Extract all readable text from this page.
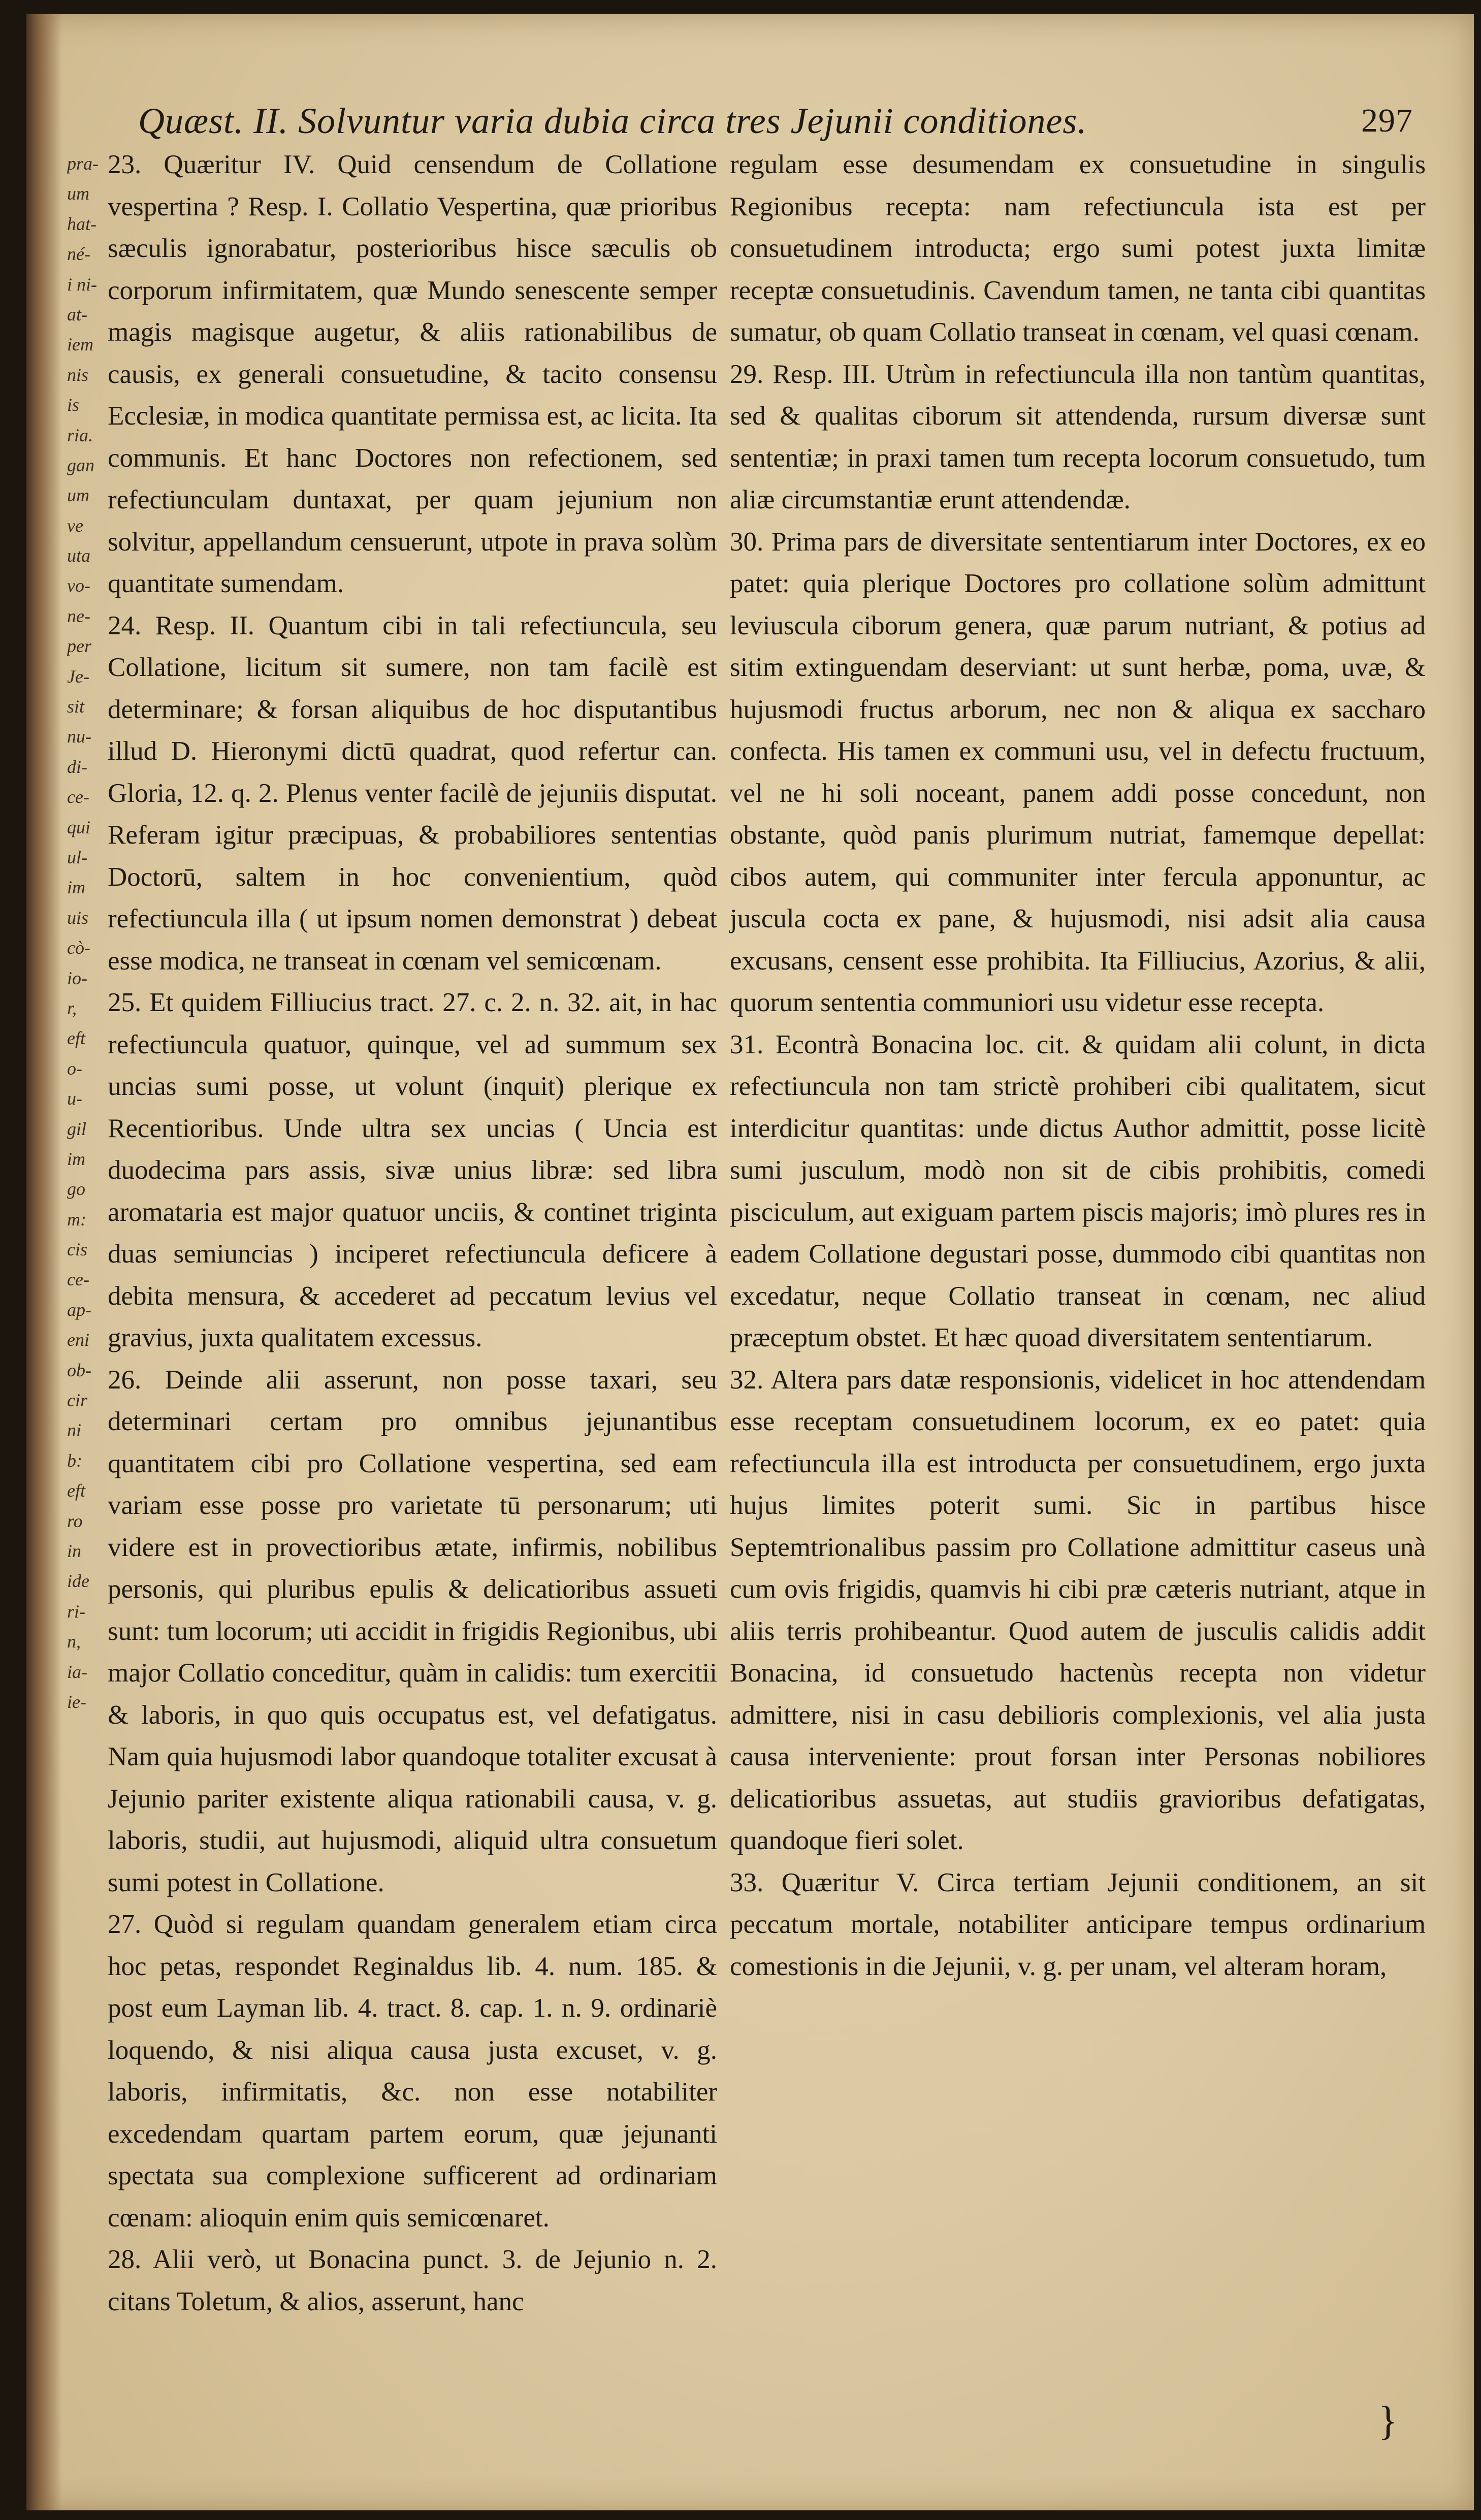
pra-
um
hat-
né-
i ni-
at-
iem
nis
is
ria.
gan
um
ve
uta
vo-
ne-
per
Je-
sit
nu-
di-
ce-
qui
ul-
im
uis
cò-
io-
r,
eft
o-
u-
gil
im
go
m:
cis
ce-
ap-
eni
ob-
cir
ni
b:
eft
ro
in
ide
ri-
n,
ia-
ie-
Quæst. II. Solvuntur varia dubia circa tres Jejunii conditiones.	297

23. Quæritur IV. Quid censendum de Collatione vespertina ? Resp. I. Collatio Vespertina, quæ prioribus sæculis ignorabatur, posterioribus hisce sæculis ob corporum infirmitatem, quæ Mundo senescente semper magis magisque augetur, & aliis rationabilibus de causis, ex generali consuetudine, & tacito consensu Ecclesiæ, in modica quantitate permissa est, ac licita. Ita communis. Et hanc Doctores non refectionem, sed refectiunculam duntaxat, per quam jejunium non solvitur, appellandum censuerunt, utpote in prava solùm quantitate sumendam.

24. Resp. II. Quantum cibi in tali refectiuncula, seu Collatione, licitum sit sumere, non tam facilè est determinare; & forsan aliquibus de hoc disputantibus illud D. Hieronymi dictū quadrat, quod refertur can. Gloria, 12. q. 2. Plenus venter facilè de jejuniis disputat. Referam igitur præcipuas, & probabiliores sententias Doctorū, saltem in hoc convenientium, quòd refectiuncula illa ( ut ipsum nomen demonstrat ) debeat esse modica, ne transeat in cœnam vel semicœnam.

25. Et quidem Filliucius tract. 27. c. 2. n. 32. ait, in hac refectiuncula quatuor, quinque, vel ad summum sex uncias sumi posse, ut volunt (inquit) plerique ex Recentioribus. Unde ultra sex uncias ( Uncia est duodecima pars assis, sivæ unius libræ: sed libra aromataria est major quatuor unciis, & continet triginta duas semiuncias ) inciperet refectiuncula deficere à debita mensura, & accederet ad peccatum levius vel gravius, juxta qualitatem excessus.

26. Deinde alii asserunt, non posse taxari, seu determinari certam pro omnibus jejunantibus quantitatem cibi pro Collatione vespertina, sed eam variam esse posse pro varietate tū personarum; uti videre est in provectioribus ætate, infirmis, nobilibus personis, qui pluribus epulis & delicatioribus assueti sunt: tum locorum; uti accidit in frigidis Regionibus, ubi major Collatio conceditur, quàm in calidis: tum exercitii & laboris, in quo quis occupatus est, vel defatigatus. Nam quia hujusmodi labor quandoque totaliter excusat à Jejunio pariter existente aliqua rationabili causa, v. g. laboris, studii, aut hujusmodi, aliquid ultra consuetum sumi potest in Collatione.

27. Quòd si regulam quandam generalem etiam circa hoc petas, respondet Reginaldus lib. 4. num. 185. & post eum Layman lib. 4. tract. 8. cap. 1. n. 9. ordinariè loquendo, & nisi aliqua causa justa excuset, v. g. laboris, infirmitatis, &c. non esse notabiliter excedendam quartam partem eorum, quæ jejunanti spectata sua complexione sufficerent ad ordinariam cœnam: alioquin enim quis semicœnaret.

28. Alii verò, ut Bonacina punct. 3. de Jejunio n. 2. citans Toletum, & alios, asserunt, hanc

regulam esse desumendam ex consuetudine in singulis Regionibus recepta: nam refectiuncula ista est per consuetudinem introducta; ergo sumi potest juxta limitæ receptæ consuetudinis. Cavendum tamen, ne tanta cibi quantitas sumatur, ob quam Collatio transeat in cœnam, vel quasi cœnam.

29. Resp. III. Utrùm in refectiuncula illa non tantùm quantitas, sed & qualitas ciborum sit attendenda, rursum diversæ sunt sententiæ; in praxi tamen tum recepta locorum consuetudo, tum aliæ circumstantiæ erunt attendendæ.

30. Prima pars de diversitate sententiarum inter Doctores, ex eo patet: quia plerique Doctores pro collatione solùm admittunt leviuscula ciborum genera, quæ parum nutriant, & potius ad sitim extinguendam deserviant: ut sunt herbæ, poma, uvæ, & hujusmodi fructus arborum, nec non & aliqua ex saccharo confecta. His tamen ex communi usu, vel in defectu fructuum, vel ne hi soli noceant, panem addi posse concedunt, non obstante, quòd panis plurimum nutriat, famemque depellat: cibos autem, qui communiter inter fercula apponuntur, ac juscula cocta ex pane, & hujusmodi, nisi adsit alia causa excusans, censent esse prohibita. Ita Filliucius, Azorius, & alii, quorum sententia communiori usu videtur esse recepta.

31. Econtrà Bonacina loc. cit. & quidam alii colunt, in dicta refectiuncula non tam strictè prohiberi cibi qualitatem, sicut interdicitur quantitas: unde dictus Author admittit, posse licitè sumi jusculum, modò non sit de cibis prohibitis, comedi pisciculum, aut exiguam partem piscis majoris; imò plures res in eadem Collatione degustari posse, dummodo cibi quantitas non excedatur, neque Collatio transeat in cœnam, nec aliud præceptum obstet. Et hæc quoad diversitatem sententiarum.

32. Altera pars datæ responsionis, videlicet in hoc attendendam esse receptam consuetudinem locorum, ex eo patet: quia refectiuncula illa est introducta per consuetudinem, ergo juxta hujus limites poterit sumi. Sic in partibus hisce Septemtrionalibus passim pro Collatione admittitur caseus unà cum ovis frigidis, quamvis hi cibi præ cæteris nutriant, atque in aliis terris prohibeantur. Quod autem de jusculis calidis addit Bonacina, id consuetudo hactenùs recepta non videtur admittere, nisi in casu debilioris complexionis, vel alia justa causa interveniente: prout forsan inter Personas nobiliores delicatioribus assuetas, aut studiis gravioribus defatigatas, quandoque fieri solet.

33. Quæritur V. Circa tertiam Jejunii conditionem, an sit peccatum mortale, notabiliter anticipare tempus ordinarium comestionis in die Jejunii, v. g. per unam, vel alteram horam,

}
